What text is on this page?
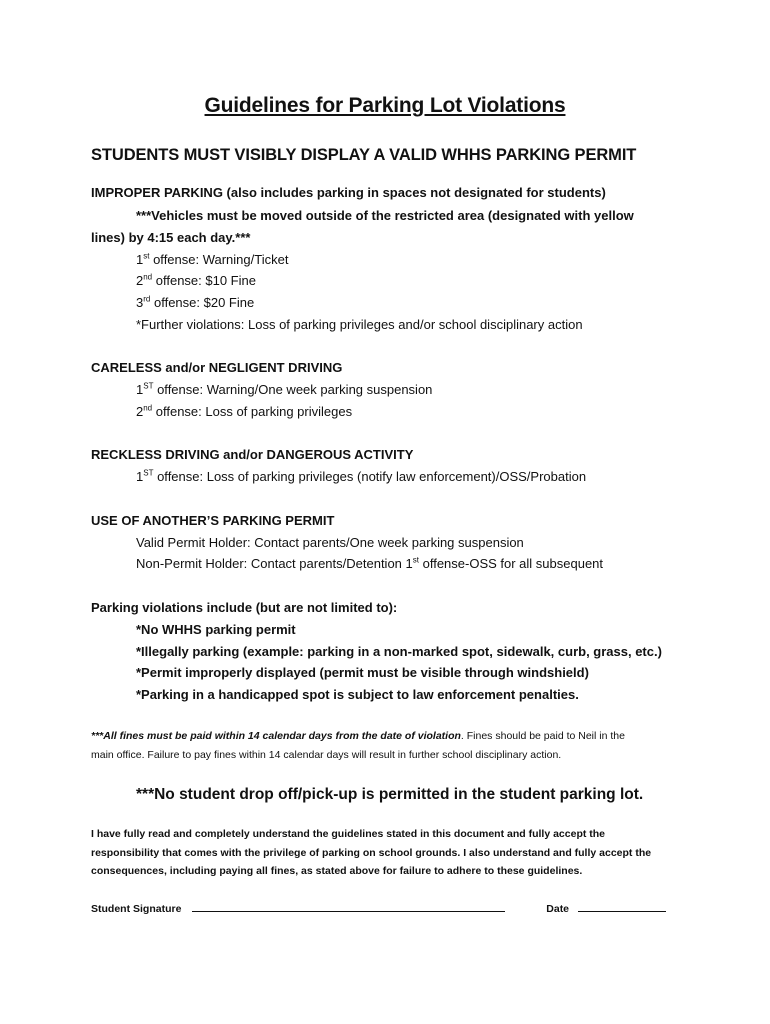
Guidelines for Parking Lot Violations
STUDENTS MUST VISIBLY DISPLAY A VALID WHHS PARKING PERMIT
IMPROPER PARKING (also includes parking in spaces not designated for students)
***Vehicles must be moved outside of the restricted area (designated with yellow
lines) by 4:15 each day.***
1st offense: Warning/Ticket
2nd offense: $10 Fine
3rd offense: $20 Fine
*Further violations: Loss of parking privileges and/or school disciplinary action
CARELESS and/or NEGLIGENT DRIVING
1ST offense: Warning/One week parking suspension
2nd offense: Loss of parking privileges
RECKLESS DRIVING and/or DANGEROUS ACTIVITY
1ST offense: Loss of parking privileges (notify law enforcement)/OSS/Probation
USE OF ANOTHER’S PARKING PERMIT
Valid Permit Holder: Contact parents/One week parking suspension
Non-Permit Holder: Contact parents/Detention 1st offense-OSS for all subsequent
Parking violations include (but are not limited to):
*No WHHS parking permit
*Illegally parking (example: parking in a non-marked spot, sidewalk, curb, grass, etc.)
*Permit improperly displayed (permit must be visible through windshield)
*Parking in a handicapped spot is subject to law enforcement penalties.
***All fines must be paid within 14 calendar days from the date of violation. Fines should be paid to Neil in the
main office. Failure to pay fines within 14 calendar days will result in further school disciplinary action.
***No student drop off/pick-up is permitted in the student parking lot.
I have fully read and completely understand the guidelines stated in this document and fully accept the
responsibility that comes with the privilege of parking on school grounds. I also understand and fully accept the
consequences, including paying all fines, as stated above for failure to adhere to these guidelines.
Student Signature	Date
